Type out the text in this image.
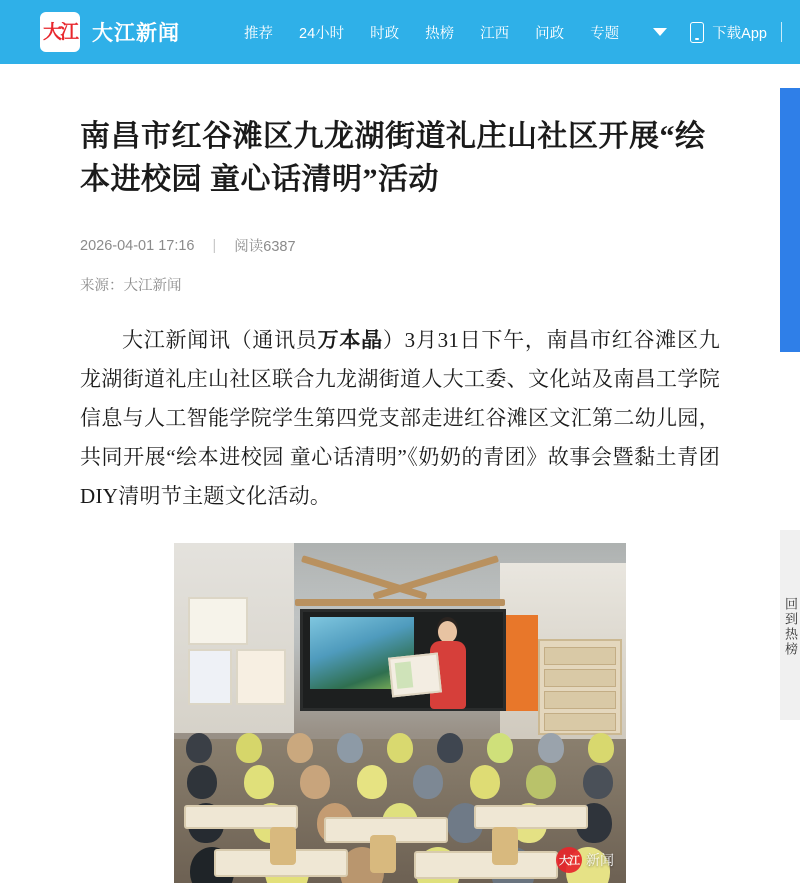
大江 大江新闻	推荐 24小时 时政 热榜 江西 问政 专题	下载App
回到热榜
南昌市红谷滩区九龙湖街道礼庄山社区开展“绘本进校园 童心话清明”活动
2026-04-01 17:16 | 阅读6387
来源：大江新闻

大江新闻讯（通讯员万本晶）3月31日下午，南昌市红谷滩区九龙湖街道礼庄山社区联合九龙湖街道人大工委、文化站及南昌工学院信息与人工智能学院学生第四党支部走进红谷滩区文汇第二幼儿园，共同开展“绘本进校园 童心话清明”《奶奶的青团》故事会暨黏土青团DIY清明节主题文化活动。

大江 新闻
